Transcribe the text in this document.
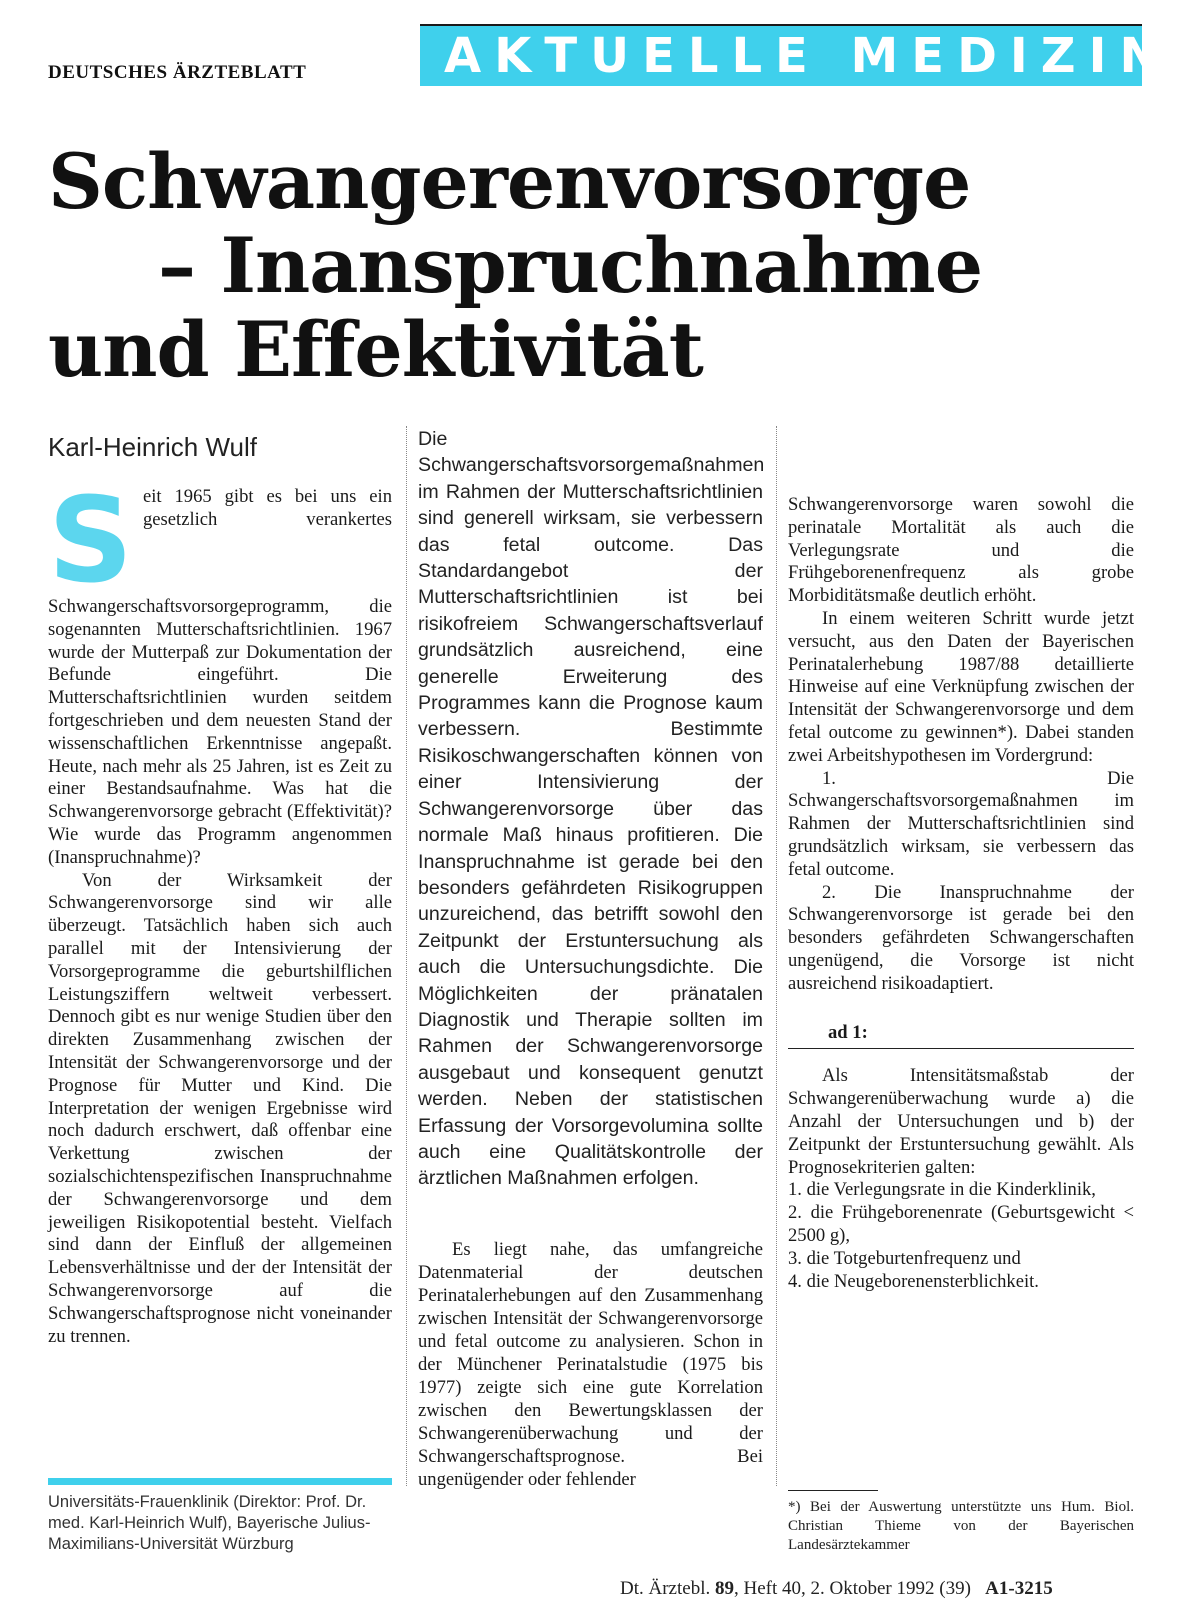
DEUTSCHES ÄRZTEBLATT	AKTUELLE MEDIZIN
Schwangerenvorsorge
– Inanspruchnahme
und Effektivität
Karl-Heinrich Wulf

Seit 1965 gibt es bei uns ein gesetzlich verankertes Schwangerschaftsvorsorgeprogramm, die sogenannten Mutterschaftsrichtlinien. 1967 wurde der Mutterpaß zur Dokumentation der Befunde eingeführt. Die Mutterschaftsrichtlinien wurden seitdem fortgeschrieben und dem neuesten Stand der wissenschaftlichen Erkenntnisse angepaßt. Heute, nach mehr als 25 Jahren, ist es Zeit zu einer Bestandsaufnahme. Was hat die Schwangerenvorsorge gebracht (Effektivität)? Wie wurde das Programm angenommen (Inanspruchnahme)?

Von der Wirksamkeit der Schwangerenvorsorge sind wir alle überzeugt. Tatsächlich haben sich auch parallel mit der Intensivierung der Vorsorgeprogramme die geburtshilflichen Leistungsziffern weltweit verbessert. Dennoch gibt es nur wenige Studien über den direkten Zusammenhang zwischen der Intensität der Schwangerenvorsorge und der Prognose für Mutter und Kind. Die Interpretation der wenigen Ergebnisse wird noch dadurch erschwert, daß offenbar eine Verkettung zwischen der sozialschichtenspezifischen Inanspruchnahme der Schwangerenvorsorge und dem jeweiligen Risikopotential besteht. Vielfach sind dann der Einfluß der allgemeinen Lebensverhältnisse und der der Intensität der Schwangerenvorsorge auf die Schwangerschaftsprognose nicht voneinander zu trennen.

Universitäts-Frauenklinik (Direktor: Prof. Dr. med. Karl-Heinrich Wulf), Bayerische Julius-Maximilians-Universität Würzburg

Die Schwangerschaftsvorsorgemaßnahmen im Rahmen der Mutterschaftsrichtlinien sind generell wirksam, sie verbessern das fetal outcome. Das Standardangebot der Mutterschaftsrichtlinien ist bei risikofreiem Schwangerschaftsverlauf grundsätzlich ausreichend, eine generelle Erweiterung des Programmes kann die Prognose kaum verbessern. Bestimmte Risikoschwangerschaften können von einer Intensivierung der Schwangerenvorsorge über das normale Maß hinaus profitieren. Die Inanspruchnahme ist gerade bei den besonders gefährdeten Risikogruppen unzureichend, das betrifft sowohl den Zeitpunkt der Erstuntersuchung als auch die Untersuchungsdichte. Die Möglichkeiten der pränatalen Diagnostik und Therapie sollten im Rahmen der Schwangerenvorsorge ausgebaut und konsequent genutzt werden. Neben der statistischen Erfassung der Vorsorgevolumina sollte auch eine Qualitätskontrolle der ärztlichen Maßnahmen erfolgen.

Es liegt nahe, das umfangreiche Datenmaterial der deutschen Perinatalerhebungen auf den Zusammenhang zwischen Intensität der Schwangerenvorsorge und fetal outcome zu analysieren. Schon in der Münchener Perinatalstudie (1975 bis 1977) zeigte sich eine gute Korrelation zwischen den Bewertungsklassen der Schwangerenüberwachung und der Schwangerschaftsprognose. Bei ungenügender oder fehlender

Schwangerenvorsorge waren sowohl die perinatale Mortalität als auch die Verlegungsrate und die Frühgeborenenfrequenz als grobe Morbiditätsmaße deutlich erhöht.

In einem weiteren Schritt wurde jetzt versucht, aus den Daten der Bayerischen Perinatalerhebung 1987/88 detaillierte Hinweise auf eine Verknüpfung zwischen der Intensität der Schwangerenvorsorge und dem fetal outcome zu gewinnen*). Dabei standen zwei Arbeitshypothesen im Vordergrund:

1. Die Schwangerschaftsvorsorgemaßnahmen im Rahmen der Mutterschaftsrichtlinien sind grundsätzlich wirksam, sie verbessern das fetal outcome.

2. Die Inanspruchnahme der Schwangerenvorsorge ist gerade bei den besonders gefährdeten Schwangerschaften ungenügend, die Vorsorge ist nicht ausreichend risikoadaptiert.

ad 1:

Als Intensitätsmaßstab der Schwangerenüberwachung wurde a) die Anzahl der Untersuchungen und b) der Zeitpunkt der Erstuntersuchung gewählt. Als Prognosekriterien galten:

1. die Verlegungsrate in die Kinderklinik,
2. die Frühgeborenenrate (Geburtsgewicht < 2500 g),
3. die Totgeburtenfrequenz und
4. die Neugeborenensterblichkeit.
*) Bei der Auswertung unterstützte uns Hum. Biol. Christian Thieme von der Bayerischen Landesärztekammer
Dt. Ärztebl. 89, Heft 40, 2. Oktober 1992 (39) A1-3215
